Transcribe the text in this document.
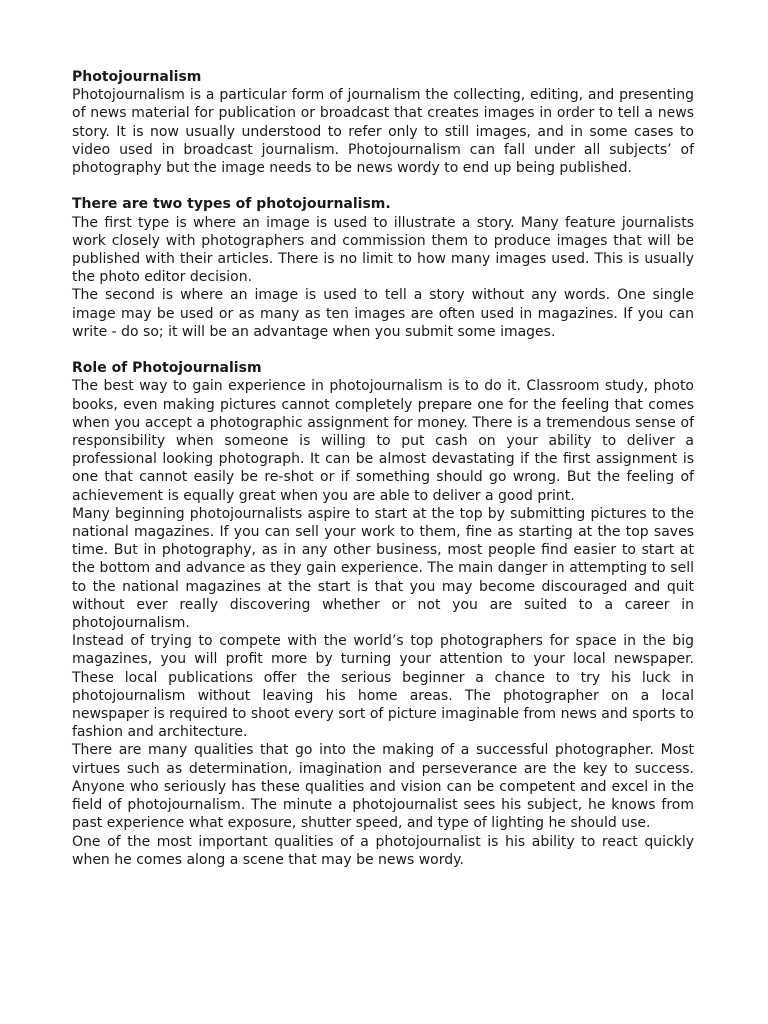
Photojournalism

Photojournalism is a particular form of journalism the collecting, editing, and presenting of news material for publication or broadcast that creates images in order to tell a news story. It is now usually understood to refer only to still images, and in some cases to video used in broadcast journalism. Photojournalism can fall under all subjects’ of photography but the image needs to be news wordy to end up being published.

There are two types of photojournalism.

The first type is where an image is used to illustrate a story. Many feature journalists work closely with photographers and commission them to produce images that will be published with their articles. There is no limit to how many images used. This is usually the photo editor decision.

The second is where an image is used to tell a story without any words. One single image may be used or as many as ten images are often used in magazines. If you can write - do so; it will be an advantage when you submit some images.

Role of Photojournalism

The best way to gain experience in photojournalism is to do it. Classroom study, photo books, even making pictures cannot completely prepare one for the feeling that comes when you accept a photographic assignment for money. There is a tremendous sense of responsibility when someone is willing to put cash on your ability to deliver a professional looking photograph. It can be almost devastating if the first assignment is one that cannot easily be re-shot or if something should go wrong. But the feeling of achievement is equally great when you are able to deliver a good print.

Many beginning photojournalists aspire to start at the top by submitting pictures to the national magazines. If you can sell your work to them, fine as starting at the top saves time. But in photography, as in any other business, most people find easier to start at the bottom and advance as they gain experience. The main danger in attempting to sell to the national magazines at the start is that you may become discouraged and quit without ever really discovering whether or not you are suited to a career in photojournalism.

Instead of trying to compete with the world’s top photographers for space in the big magazines, you will profit more by turning your attention to your local newspaper. These local publications offer the serious beginner a chance to try his luck in photojournalism without leaving his home areas. The photographer on a local newspaper is required to shoot every sort of picture imaginable from news and sports to fashion and architecture.

There are many qualities that go into the making of a successful photographer. Most virtues such as determination, imagination and perseverance are the key to success. Anyone who seriously has these qualities and vision can be competent and excel in the field of photojournalism. The minute a photojournalist sees his subject, he knows from past experience what exposure, shutter speed, and type of lighting he should use.

One of the most important qualities of a photojournalist is his ability to react quickly when he comes along a scene that may be news wordy.
